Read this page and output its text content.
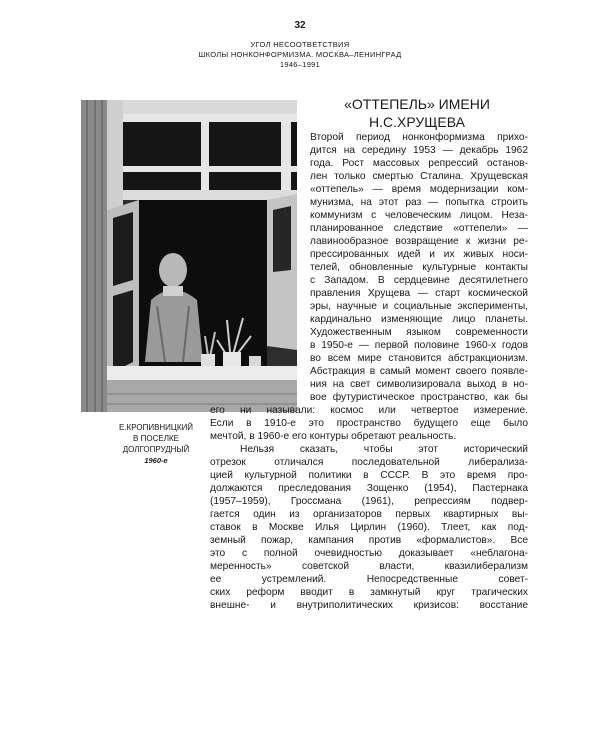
32
УГОЛ НЕСООТВЕТСТВИЯ
ШКОЛЫ НОНКОНФОРМИЗМА. МОСКВА–ЛЕНИНГРАД
1946–1991
Е.КРОПИВНИЦКИЙ
В ПОСЕЛКЕ
ДОЛГОПРУДНЫЙ
1960-е
«ОТТЕПЕЛЬ» ИМЕНИ
Н.С.ХРУЩЕВА
Второй период нонконформизма прихо-
дится на середину 1953 — декабрь 1962
года. Рост массовых репрессий останов-
лен только смертью Сталина. Хрущевская
«оттепель» — время модернизации ком-
мунизма, на этот раз — попытка строить
коммунизм с человеческим лицом. Неза-
планированное следствие «оттепели» —
лавинообразное возвращение к жизни ре-
прессированных идей и их живых носи-
телей, обновленные культурные контакты
с Западом. В сердцевине десятилетнего
правления Хрущева — старт космической
эры, научные и социальные эксперименты,
кардинально изменяющие лицо планеты.
Художественным языком современности
в 1950-е — первой половине 1960-х годов
во всем мире становится абстракционизм.
Абстракция в самый момент своего появле-
ния на свет символизировала выход в но-
вое футуристическое пространство, как бы
его ни называли: космос или четвертое измерение.
Если в 1910-е это пространство будущего еще было
мечтой, в 1960-е его контуры обретают реальность.
Нельзя сказать, чтобы этот исторический
отрезок отличался последовательной либерализа-
цией культурной политики в СССР. В это время про-
должаются преследования Зощенко (1954), Пастернака
(1957–1959), Гроссмана (1961), репрессиям подвер-
гается один из организаторов первых квартирных вы-
ставок в Москве Илья Цирлин (1960). Тлеет, как под-
земный пожар, кампания против «формалистов». Все
это с полной очевидностью доказывает «неблагона-
меренность» советской власти, квазилиберализм
ее устремлений. Непосредственные совет-
ских реформ вводит в замкнутый круг трагических
внешне- и внутриполитических кризисов: восстание
